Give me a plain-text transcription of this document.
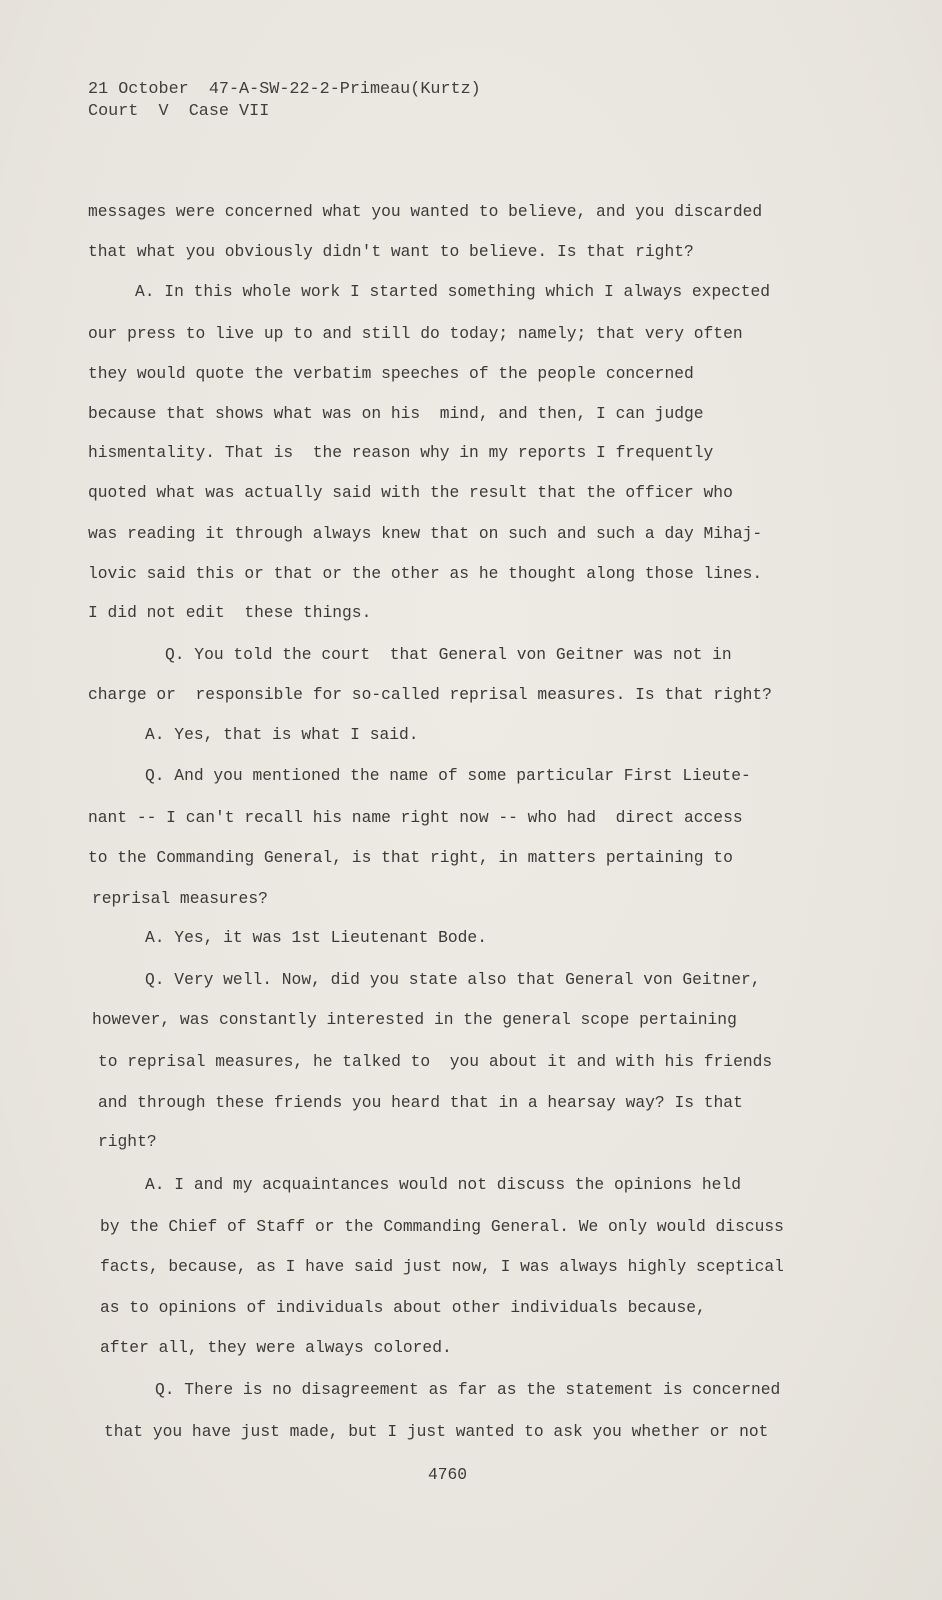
21 October  47-A-SW-22-2-Primeau(Kurtz)
Court  V  Case VII
messages were concerned what you wanted to believe, and you discarded
that what you obviously didn't want to believe. Is that right?
A. In this whole work I started something which I always expected
our press to live up to and still do today; namely; that very often
they would quote the verbatim speeches of the people concerned
because that shows what was on his  mind, and then, I can judge
hismentality. That is  the reason why in my reports I frequently
quoted what was actually said with the result that the officer who
was reading it through always knew that on such and such a day Mihaj-
lovic said this or that or the other as he thought along those lines.
I did not edit  these things.
Q. You told the court  that General von Geitner was not in
charge or  responsible for so-called reprisal measures. Is that right?
A. Yes, that is what I said.
Q. And you mentioned the name of some particular First Lieute-
nant -- I can't recall his name right now -- who had  direct access
to the Commanding General, is that right, in matters pertaining to
reprisal measures?
A. Yes, it was 1st Lieutenant Bode.
Q. Very well. Now, did you state also that General von Geitner,
however, was constantly interested in the general scope pertaining
to reprisal measures, he talked to  you about it and with his friends
and through these friends you heard that in a hearsay way? Is that
right?
A. I and my acquaintances would not discuss the opinions held
by the Chief of Staff or the Commanding General. We only would discuss
facts, because, as I have said just now, I was always highly sceptical
as to opinions of individuals about other individuals because,
after all, they were always colored.
Q. There is no disagreement as far as the statement is concerned
that you have just made, but I just wanted to ask you whether or not
4760
